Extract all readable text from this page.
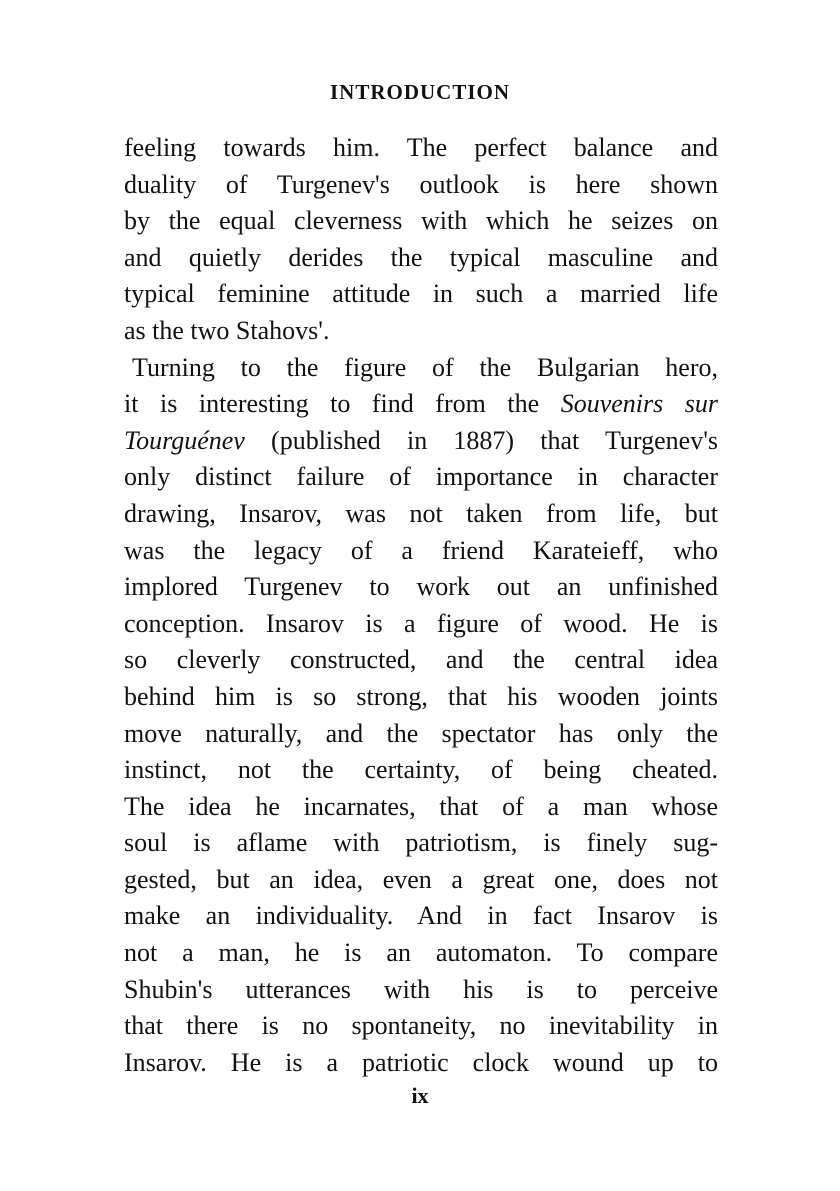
INTRODUCTION
feeling towards him. The perfect balance and
duality of Turgenev's outlook is here shown
by the equal cleverness with which he seizes on
and quietly derides the typical masculine and
typical feminine attitude in such a married life
as the two Stahovs'.
Turning to the figure of the Bulgarian hero,
it is interesting to find from the Souvenirs sur
Tourguénev (published in 1887) that Turgenev's
only distinct failure of importance in character
drawing, Insarov, was not taken from life, but
was the legacy of a friend Karateieff, who
implored Turgenev to work out an unfinished
conception. Insarov is a figure of wood. He is
so cleverly constructed, and the central idea
behind him is so strong, that his wooden joints
move naturally, and the spectator has only the
instinct, not the certainty, of being cheated.
The idea he incarnates, that of a man whose
soul is aflame with patriotism, is finely sug-
gested, but an idea, even a great one, does not
make an individuality. And in fact Insarov is
not a man, he is an automaton. To compare
Shubin's utterances with his is to perceive
that there is no spontaneity, no inevitability in
Insarov. He is a patriotic clock wound up to
ix
